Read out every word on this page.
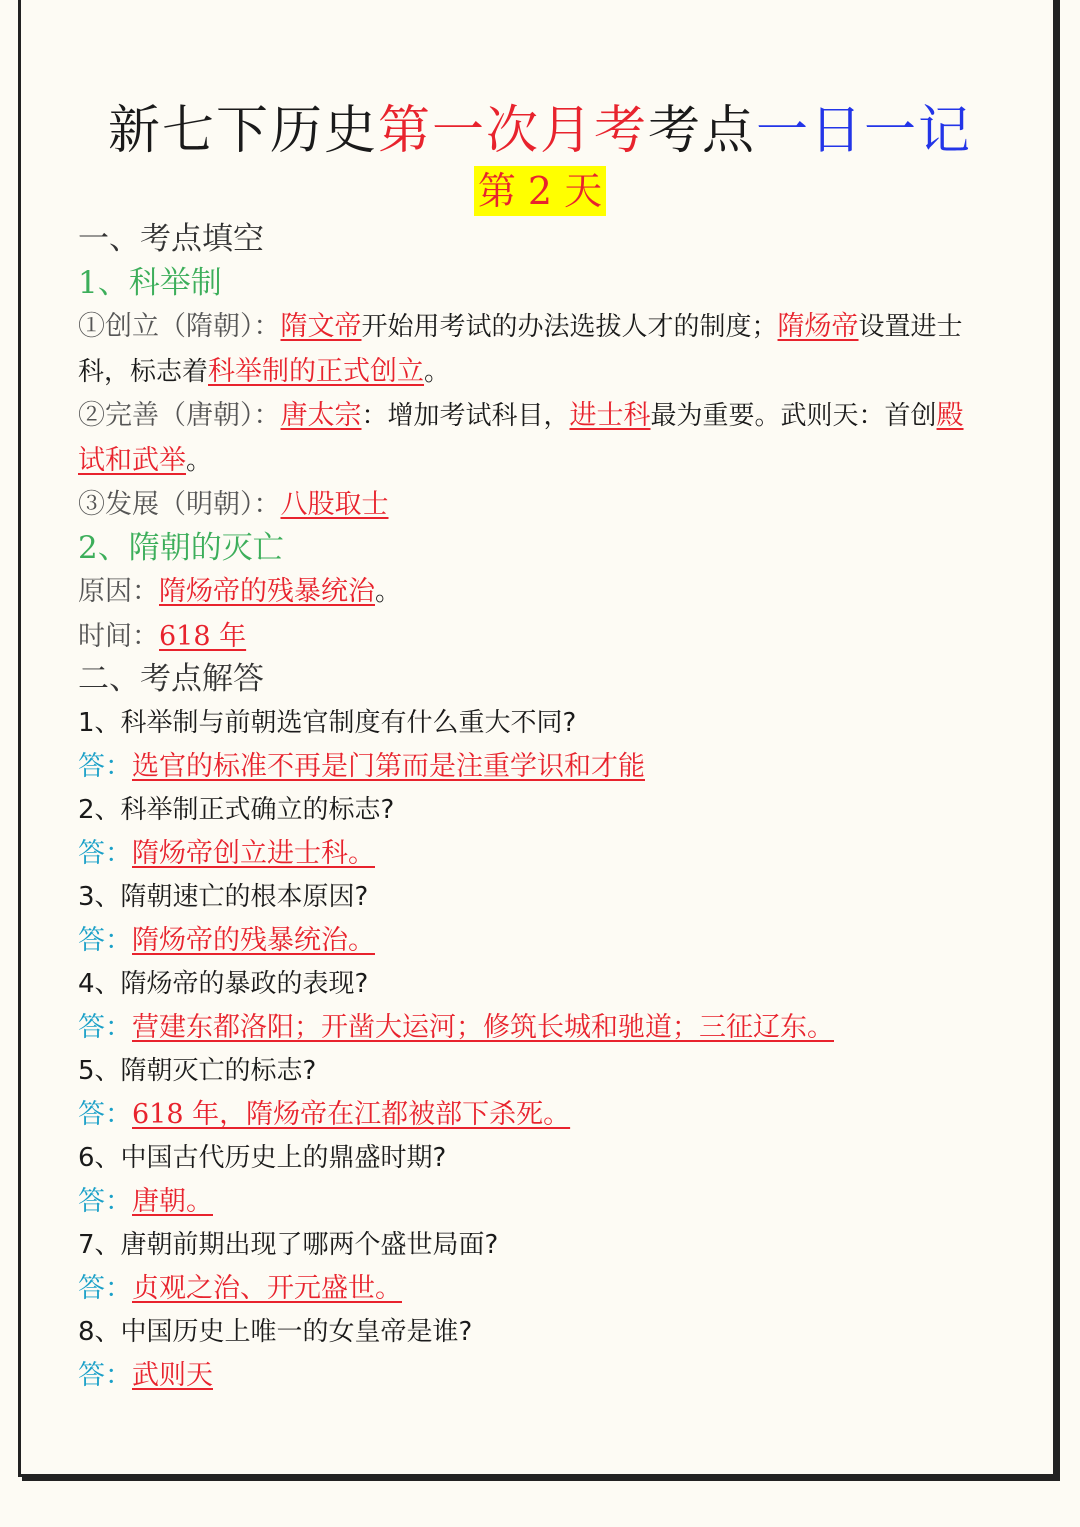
新七下历史第一次月考考点一日一记
第 2 天
一、考点填空
1、科举制
①创立（隋朝）：隋文帝开始用考试的办法选拔人才的制度；隋炀帝设置进士
科，标志着科举制的正式创立。
②完善（唐朝）：唐太宗：增加考试科目，进士科最为重要。武则天：首创殿
试和武举。
③发展（明朝）：八股取士
2、隋朝的灭亡
原因：隋炀帝的残暴统治。
时间：618 年
二、考点解答
1、科举制与前朝选官制度有什么重大不同?
答：选官的标准不再是门第而是注重学识和才能
2、科举制正式确立的标志?
答：隋炀帝创立进士科。
3、隋朝速亡的根本原因?
答：隋炀帝的残暴统治。
4、隋炀帝的暴政的表现?
答：营建东都洛阳；开凿大运河；修筑长城和驰道；三征辽东。
5、隋朝灭亡的标志?
答：618 年，隋炀帝在江都被部下杀死。
6、中国古代历史上的鼎盛时期?
答：唐朝。
7、唐朝前期出现了哪两个盛世局面?
答：贞观之治、开元盛世。
8、中国历史上唯一的女皇帝是谁?
答：武则天
